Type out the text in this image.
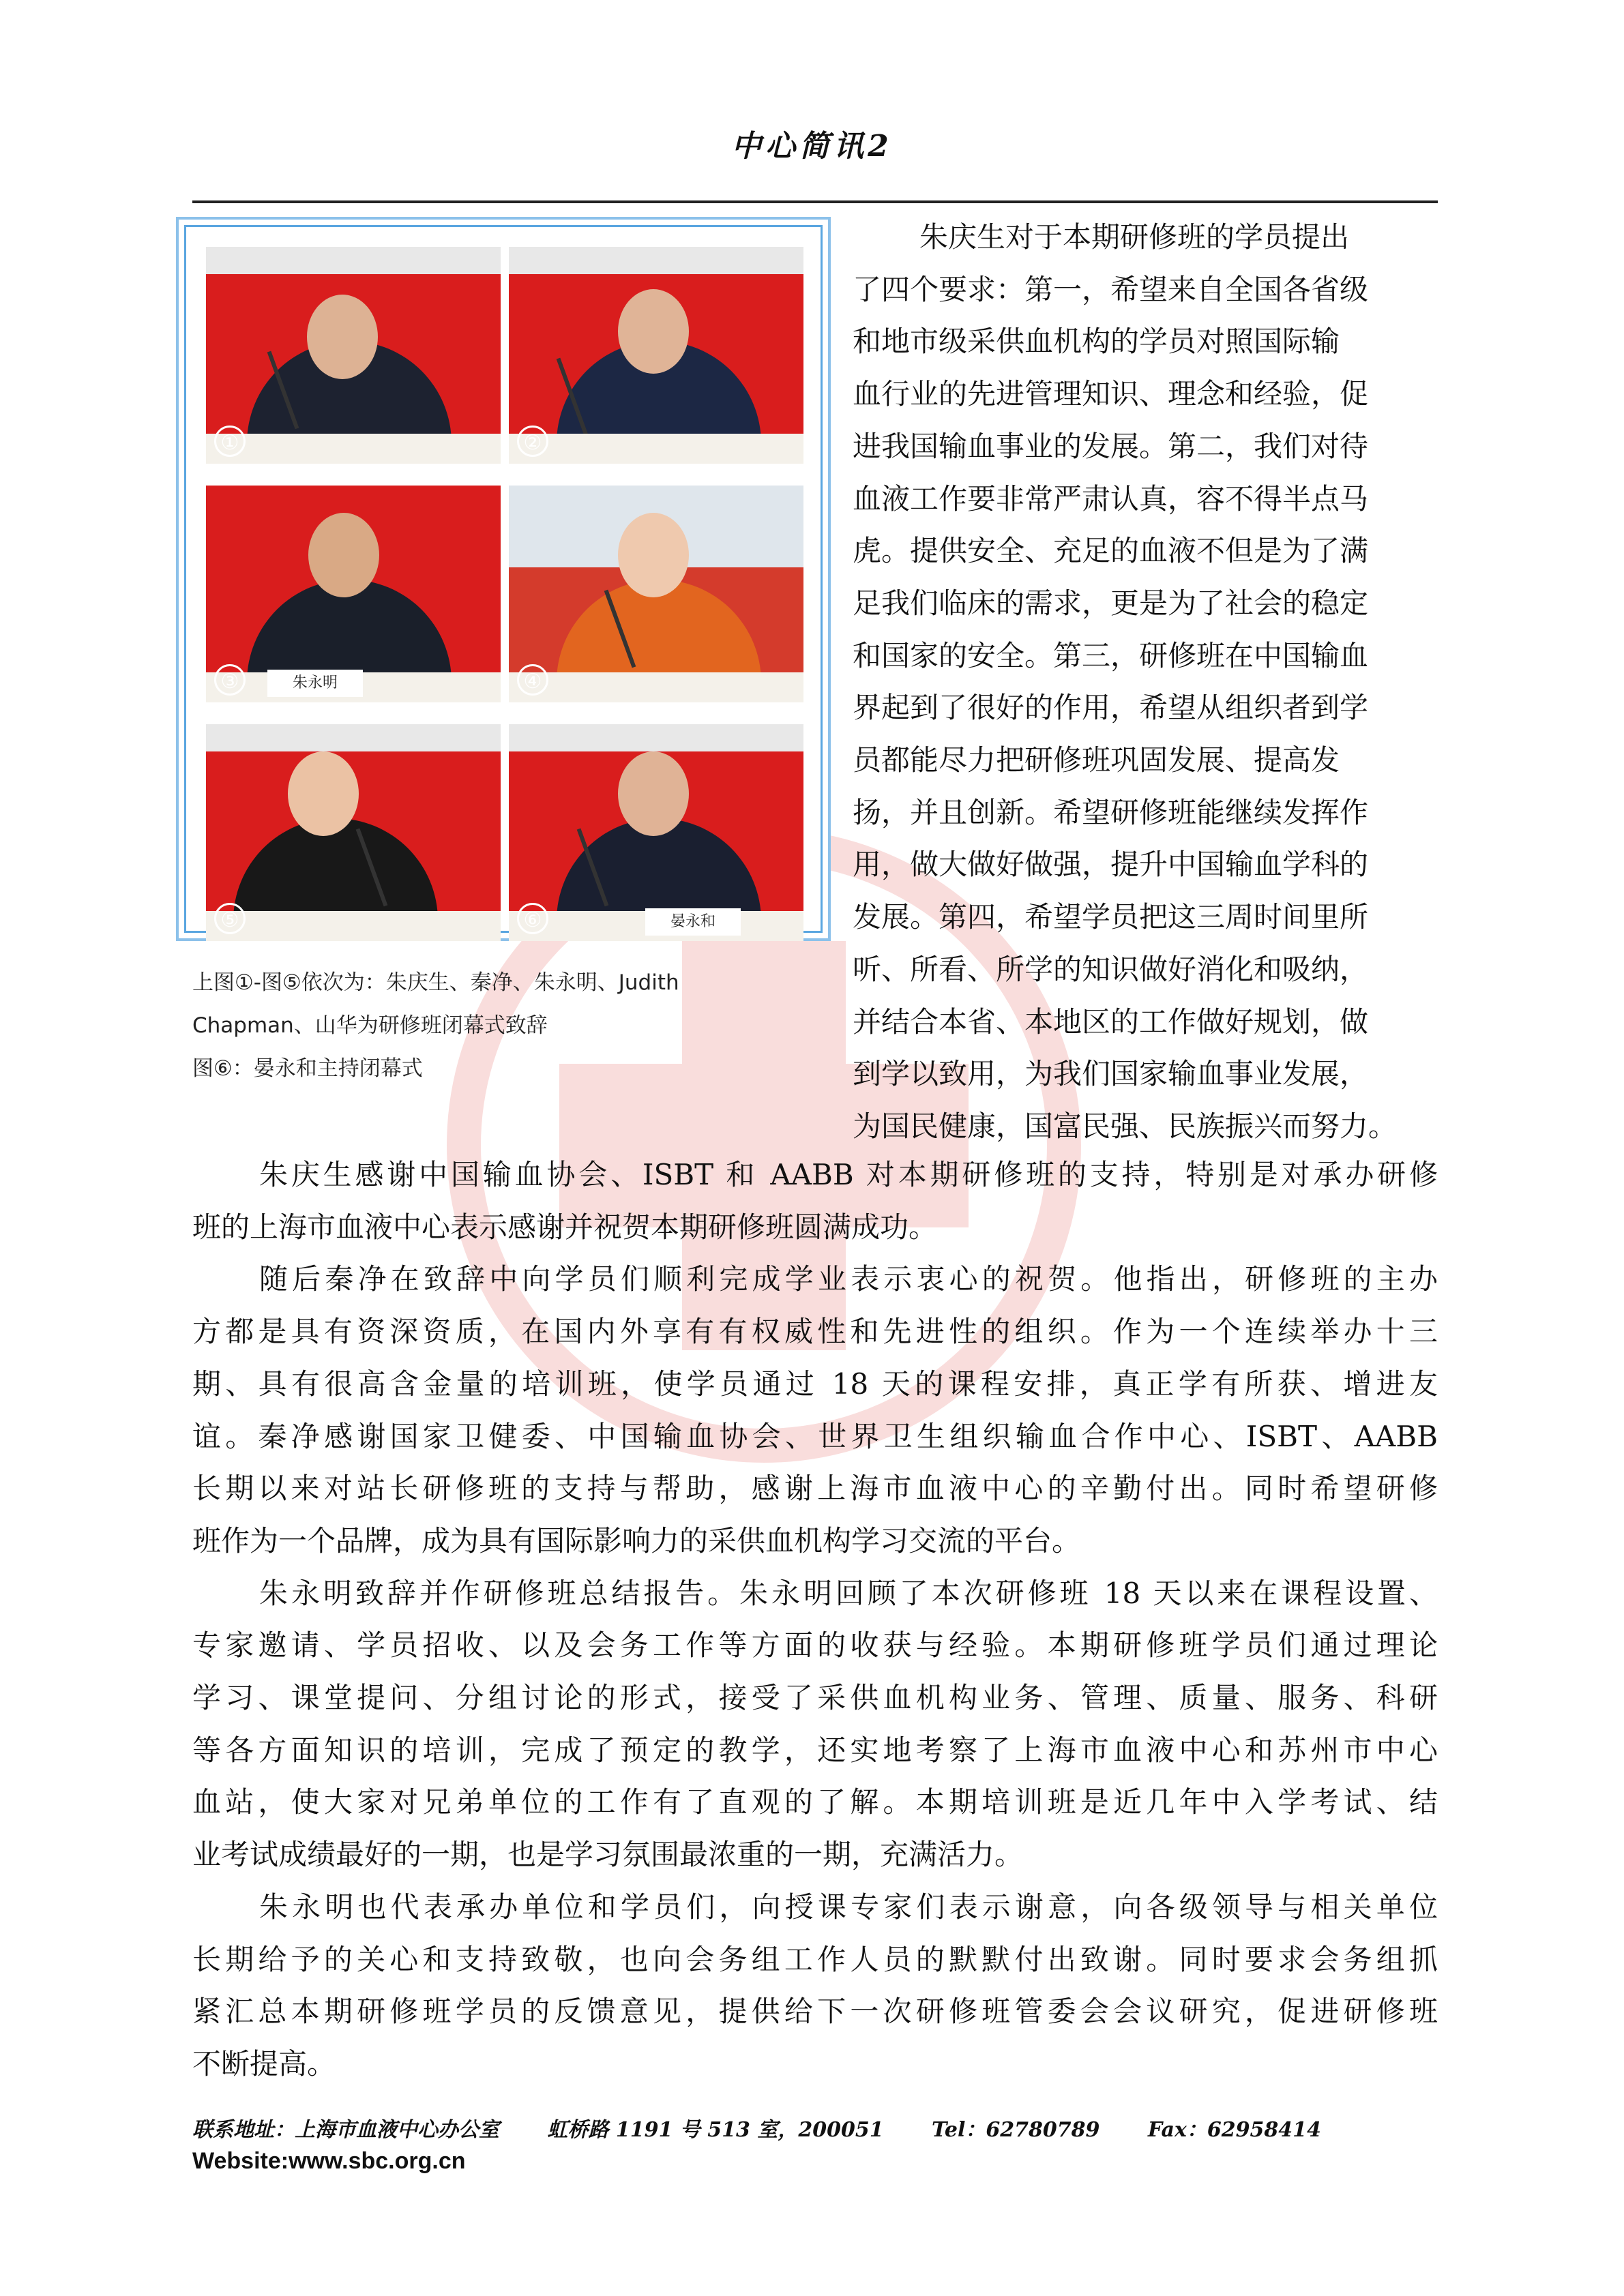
中心简讯2
①	②
③	朱永明	④
⑤	⑥	晏永和
上图①-图⑤依次为：朱庆生、秦净、朱永明、Judith
Chapman、山华为研修班闭幕式致辞
图⑥：晏永和主持闭幕式
朱庆生对于本期研修班的学员提出
了四个要求：第一，希望来自全国各省级
和地市级采供血机构的学员对照国际输
血行业的先进管理知识、理念和经验，促
进我国输血事业的发展。第二，我们对待
血液工作要非常严肃认真，容不得半点马
虎。提供安全、充足的血液不但是为了满
足我们临床的需求，更是为了社会的稳定
和国家的安全。第三，研修班在中国输血
界起到了很好的作用，希望从组织者到学
员都能尽力把研修班巩固发展、提高发
扬，并且创新。希望研修班能继续发挥作
用，做大做好做强，提升中国输血学科的
发展。第四，希望学员把这三周时间里所
听、所看、所学的知识做好消化和吸纳，
并结合本省、本地区的工作做好规划，做
到学以致用，为我们国家输血事业发展，
为国民健康，国富民强、民族振兴而努力。
朱庆生感谢中国输血协会、ISBT 和 AABB 对本期研修班的支持，特别是对承办研修
班的上海市血液中心表示感谢并祝贺本期研修班圆满成功。
随后秦净在致辞中向学员们顺利完成学业表示衷心的祝贺。他指出，研修班的主办
方都是具有资深资质，在国内外享有有权威性和先进性的组织。作为一个连续举办十三
期、具有很高含金量的培训班，使学员通过 18 天的课程安排，真正学有所获、增进友
谊。秦净感谢国家卫健委、中国输血协会、世界卫生组织输血合作中心、ISBT、AABB
长期以来对站长研修班的支持与帮助，感谢上海市血液中心的辛勤付出。同时希望研修
班作为一个品牌，成为具有国际影响力的采供血机构学习交流的平台。
朱永明致辞并作研修班总结报告。朱永明回顾了本次研修班 18 天以来在课程设置、
专家邀请、学员招收、以及会务工作等方面的收获与经验。本期研修班学员们通过理论
学习、课堂提问、分组讨论的形式，接受了采供血机构业务、管理、质量、服务、科研
等各方面知识的培训，完成了预定的教学，还实地考察了上海市血液中心和苏州市中心
血站，使大家对兄弟单位的工作有了直观的了解。本期培训班是近几年中入学考试、结
业考试成绩最好的一期，也是学习氛围最浓重的一期，充满活力。
朱永明也代表承办单位和学员们，向授课专家们表示谢意，向各级领导与相关单位
长期给予的关心和支持致敬，也向会务组工作人员的默默付出致谢。同时要求会务组抓
紧汇总本期研修班学员的反馈意见，提供给下一次研修班管委会会议研究，促进研修班
不断提高。
联系地址：上海市血液中心办公室 虹桥路 1191 号 513 室，200051 Tel：62780789 Fax：62958414
Website:www.sbc.org.cn
